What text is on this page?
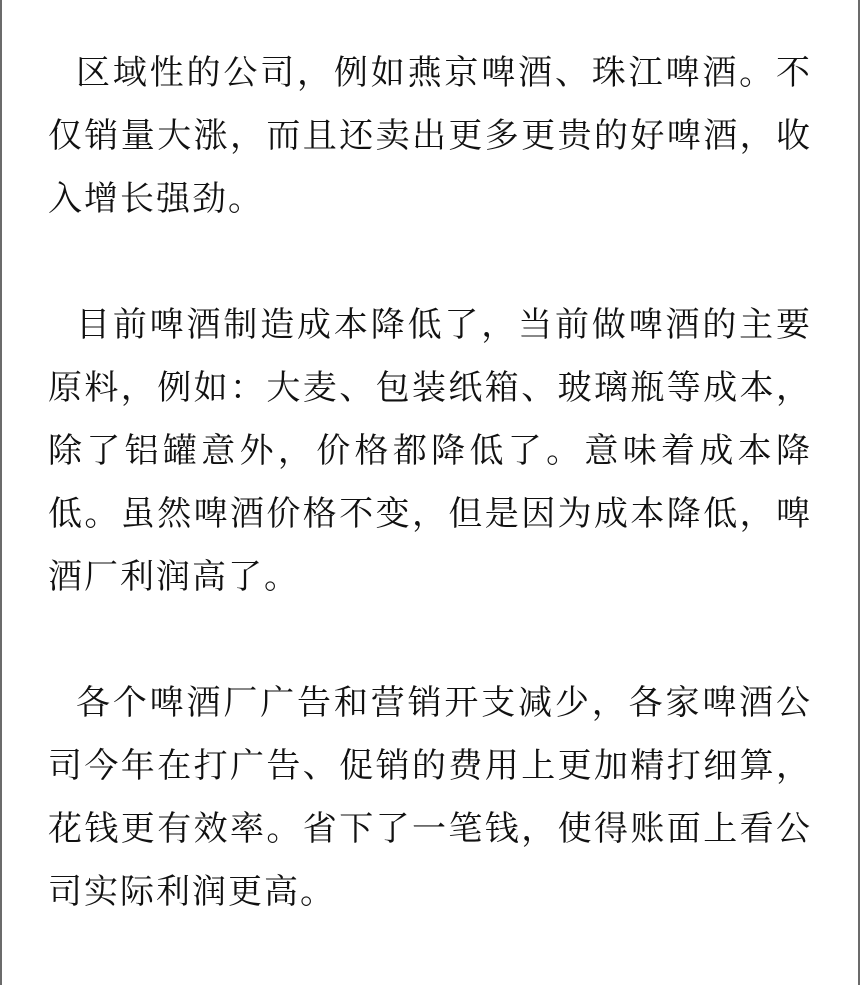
区域性的公司，例如燕京啤酒、珠江啤酒。不仅销量大涨，而且还卖出更多更贵的好啤酒，收入增长强劲。

目前啤酒制造成本降低了，当前做啤酒的主要原料，例如：大麦、包装纸箱、玻璃瓶等成本，除了铝罐意外，价格都降低了。意味着成本降低。虽然啤酒价格不变，但是因为成本降低，啤酒厂利润高了。

各个啤酒厂广告和营销开支减少，各家啤酒公司今年在打广告、促销的费用上更加精打细算，花钱更有效率。省下了一笔钱，使得账面上看公司实际利润更高。
